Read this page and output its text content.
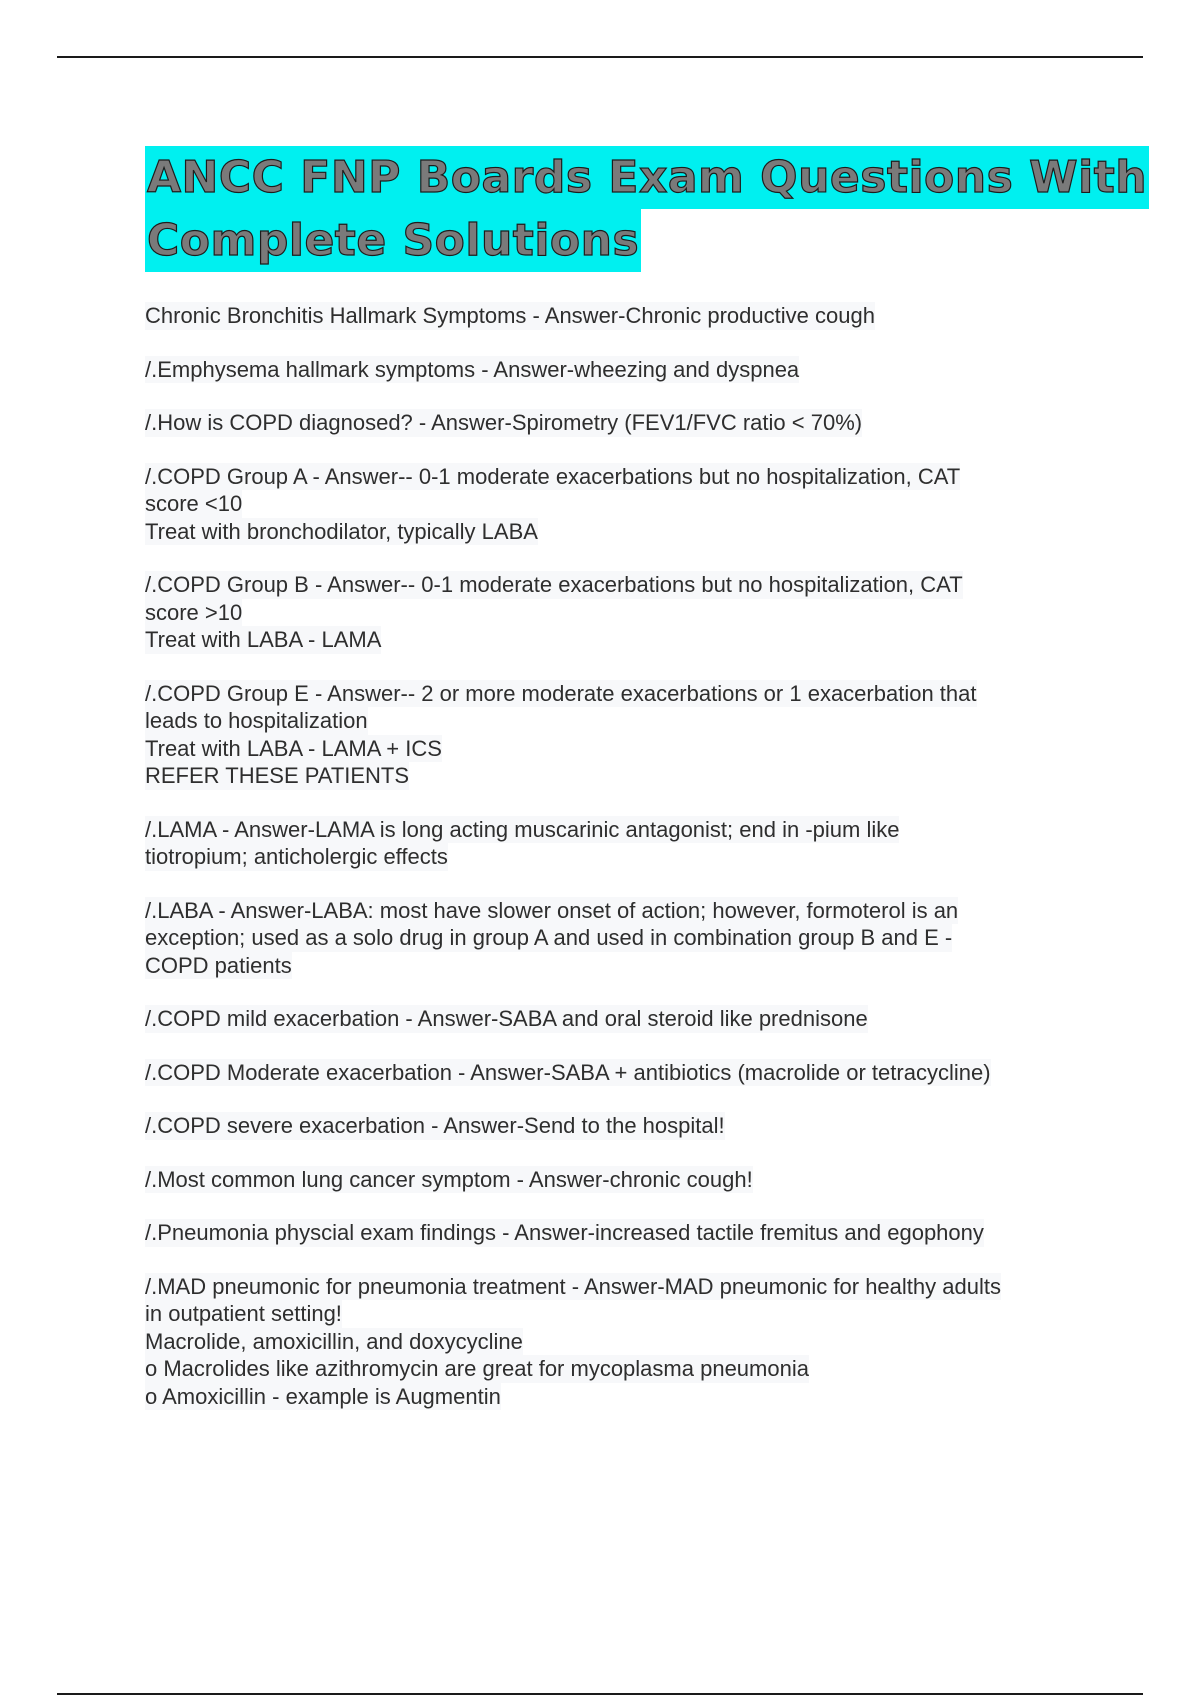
ANCC FNP Boards Exam Questions With
Complete Solutions

Chronic Bronchitis Hallmark Symptoms - Answer-Chronic productive cough

/.Emphysema hallmark symptoms - Answer-wheezing and dyspnea

/.How is COPD diagnosed? - Answer-Spirometry (FEV1/FVC ratio < 70%)

/.COPD Group A - Answer-- 0-1 moderate exacerbations but no hospitalization, CAT
score <10
Treat with bronchodilator, typically LABA

/.COPD Group B - Answer-- 0-1 moderate exacerbations but no hospitalization, CAT
score >10
Treat with LABA - LAMA

/.COPD Group E - Answer-- 2 or more moderate exacerbations or 1 exacerbation that
leads to hospitalization
Treat with LABA - LAMA + ICS
REFER THESE PATIENTS

/.LAMA - Answer-LAMA is long acting muscarinic antagonist; end in -pium like
tiotropium; anticholergic effects

/.LABA - Answer-LABA: most have slower onset of action; however, formoterol is an
exception; used as a solo drug in group A and used in combination group B and E -
COPD patients

/.COPD mild exacerbation - Answer-SABA and oral steroid like prednisone

/.COPD Moderate exacerbation - Answer-SABA + antibiotics (macrolide or tetracycline)

/.COPD severe exacerbation - Answer-Send to the hospital!

/.Most common lung cancer symptom - Answer-chronic cough!

/.Pneumonia physcial exam findings - Answer-increased tactile fremitus and egophony

/.MAD pneumonic for pneumonia treatment - Answer-MAD pneumonic for healthy adults
in outpatient setting!
Macrolide, amoxicillin, and doxycycline
o Macrolides like azithromycin are great for mycoplasma pneumonia
o Amoxicillin - example is Augmentin
